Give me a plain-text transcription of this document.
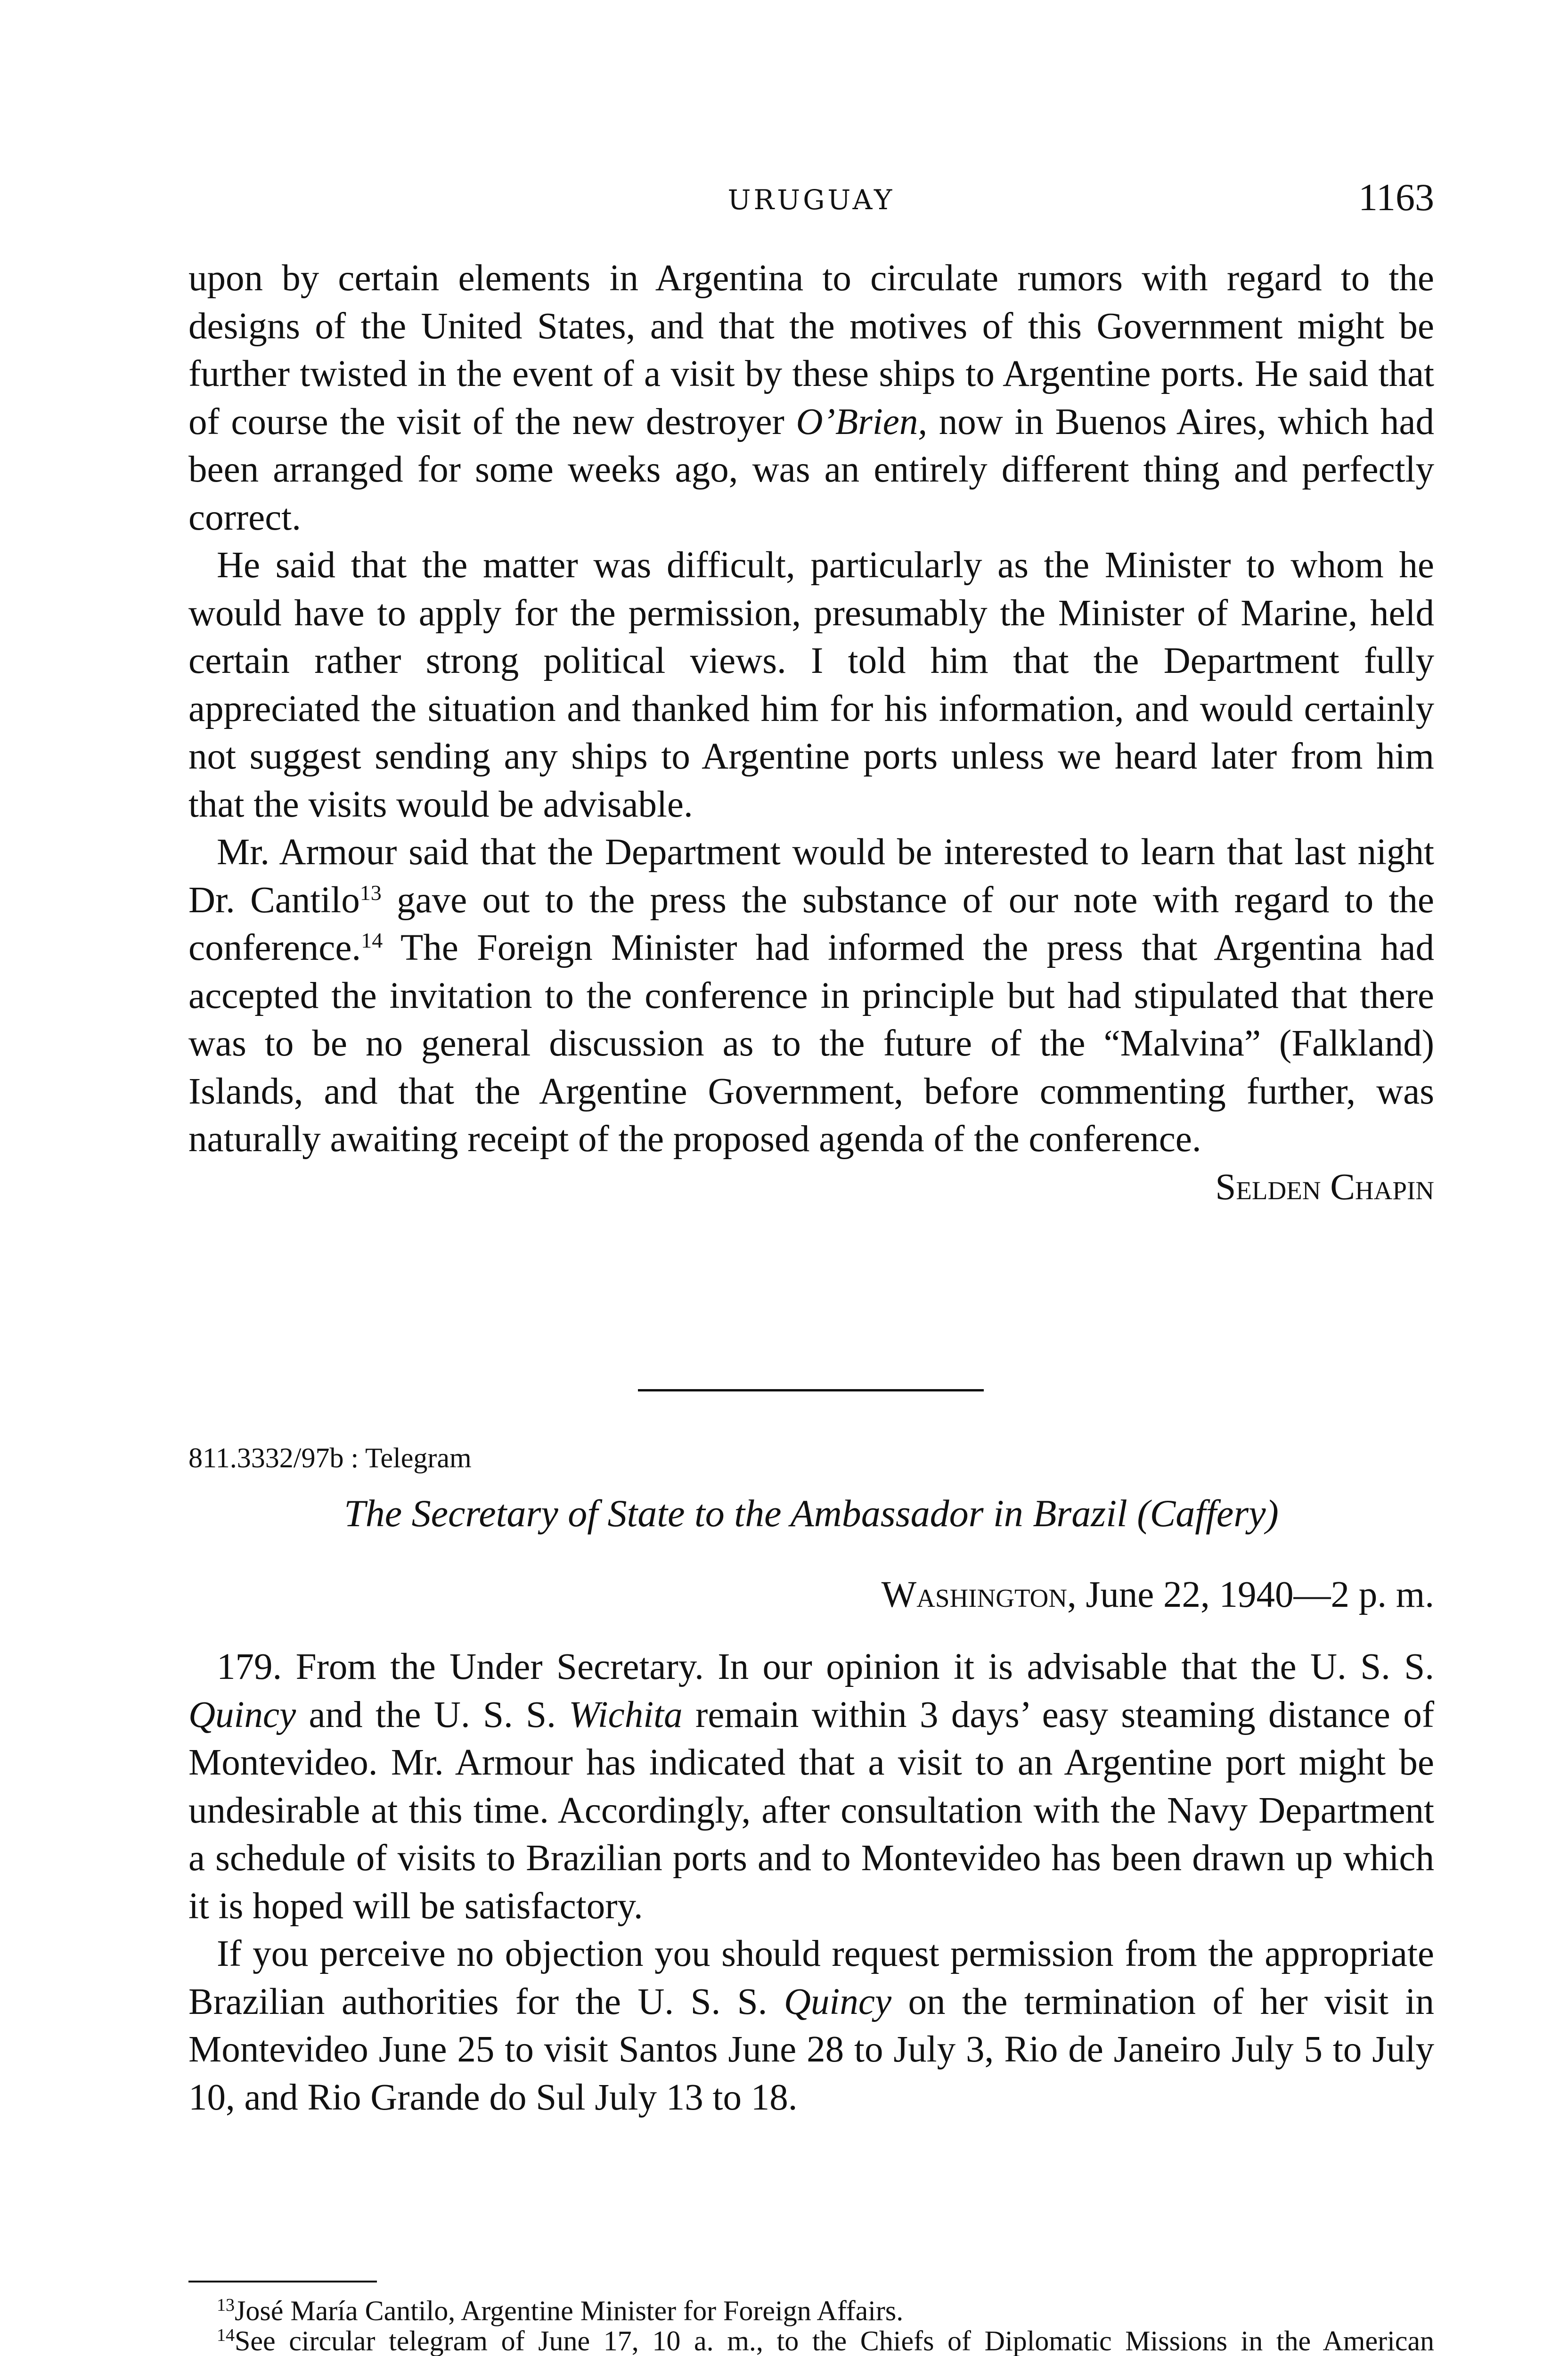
URUGUAY	1163

upon by certain elements in Argentina to circulate rumors with regard to the designs of the United States, and that the motives of this Government might be further twisted in the event of a visit by these ships to Argentine ports. He said that of course the visit of the new destroyer O’Brien, now in Buenos Aires, which had been arranged for some weeks ago, was an entirely different thing and perfectly correct.

He said that the matter was difficult, particularly as the Minister to whom he would have to apply for the permission, presumably the Minister of Marine, held certain rather strong political views. I told him that the Department fully appreciated the situation and thanked him for his information, and would certainly not suggest sending any ships to Argentine ports unless we heard later from him that the visits would be advisable.

Mr. Armour said that the Department would be interested to learn that last night Dr. Cantilo$^{13}$ gave out to the press the substance of our note with regard to the conference.$^{14}$ The Foreign Minister had informed the press that Argentina had accepted the invitation to the conference in principle but had stipulated that there was to be no general discussion as to the future of the “Malvina” (Falkland) Islands, and that the Argentine Government, before commenting further, was naturally awaiting receipt of the proposed agenda of the conference.

Selden Chapin

811.3332/97b : Telegram
The Secretary of State to the Ambassador in Brazil (Caffery)
Washington, June 22, 1940—2 p. m.

179. From the Under Secretary. In our opinion it is advisable that the U. S. S. Quincy and the U. S. S. Wichita remain within 3 days’ easy steaming distance of Montevideo. Mr. Armour has indicated that a visit to an Argentine port might be undesirable at this time. Accordingly, after consultation with the Navy Department a schedule of visits to Brazilian ports and to Montevideo has been drawn up which it is hoped will be satisfactory.

If you perceive no objection you should request permission from the appropriate Brazilian authorities for the U. S. S. Quincy on the termination of her visit in Montevideo June 25 to visit Santos June 28 to July 3, Rio de Janeiro July 5 to July 10, and Rio Grande do Sul July 13 to 18.

$^{13}$José María Cantilo, Argentine Minister for Foreign Affairs.

$^{14}$See circular telegram of June 17, 10 a. m., to the Chiefs of Diplomatic Missions in the American
